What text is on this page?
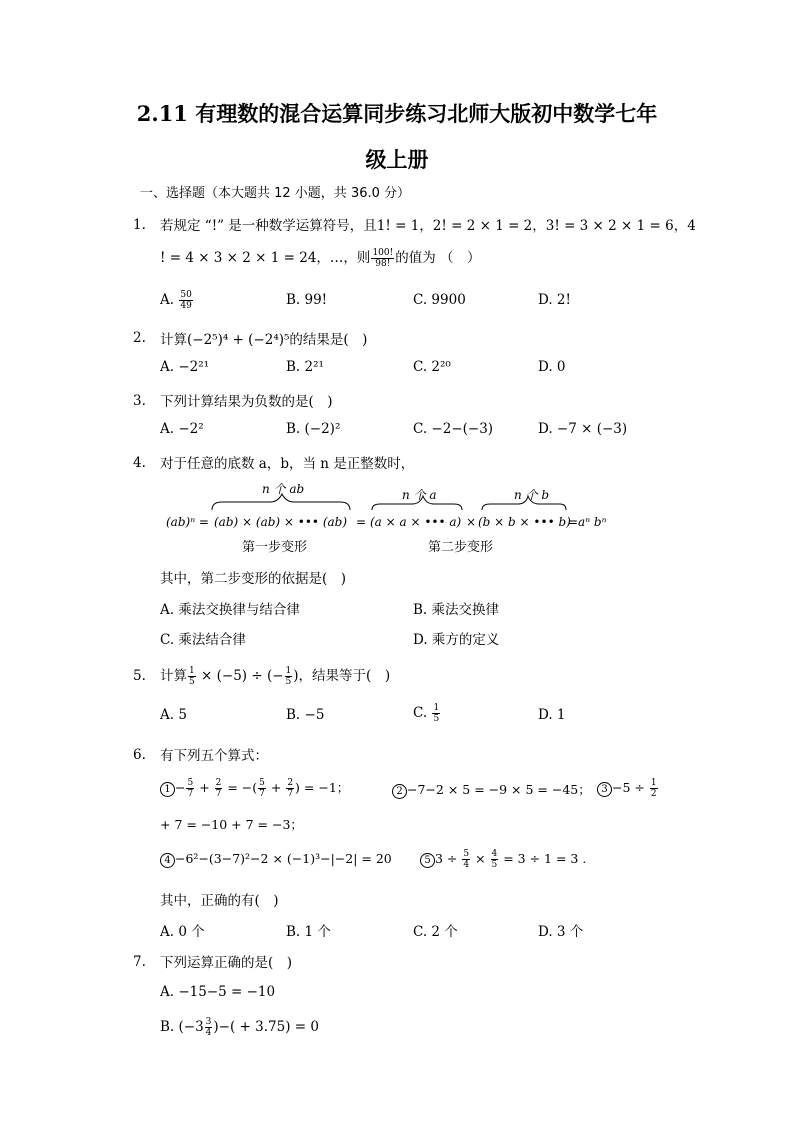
2.11 有理数的混合运算同步练习北师大版初中数学七年
级上册
一、选择题（本大题共 12 小题，共 36.0 分）
1.	若规定 “!” 是一种数学运算符号，且1! = 1，2! = 2 × 1 = 2，3! = 3 × 2 × 1 = 6，4
! = 4 × 3 × 2 × 1 = 24，…，则 $\frac{100!}{98!}$ 的值为 （　）
A. $\frac{50}{49}$	B. 99!	C. 9900	D. 2!
2.	计算(−2⁵)⁴ + (−2⁴)⁵的结果是(　)
A. −2²¹	B. 2²¹	C. 2²⁰	D. 0
3.	下列计算结果为负数的是(　)
A. −2²	B. (−2)²	C. −2−(−3)	D. −7 × (−3)
4.	对于任意的底数 a，b，当 n 是正整数时，
n 个 ab	n 个 a	n 个 b
(ab)ⁿ = (ab) × (ab) × ••• (ab) = (a × a × ••• a) × (b × b × ••• b)
=aⁿ bⁿ
第一步变形	第二步变形
其中，第二步变形的依据是(　)
A. 乘法交换律与结合律	B. 乘法交换律
C. 乘法结合律	D. 乘方的定义
5.	计算 $\frac{1}{5} \times (-5)$ ÷ (− $\frac{1}{5}$ )，结果等于(　)
A. 5	B. −5	C. $\frac{1}{5}$	D. 1
6.	有下列五个算式：
$1 - \frac{5}{7} + \frac{2}{7}$ = −( $\frac{5}{7} + \frac{2}{7}$ ) = −1；	2 −7−2 × 5 = −9 × 5 = −45；	$3 -5 \div \frac{1}{2}$
+ 7 = −10 + 7 = −3；
4 −6²−(3−7)²−2 × (−1)³−|−2| = 20	5 $3 \div \frac{5}{4} \times \frac{4}{5} = 3 \div 1 = 3$ .
其中，正确的有(　)
A. 0 个	B. 1 个	C. 2 个	D. 3 个
7.	下列运算正确的是(　)
A. −15−5 = −10
B. ($-3 \frac{3}{4}$ )−( + 3.75) = 0
